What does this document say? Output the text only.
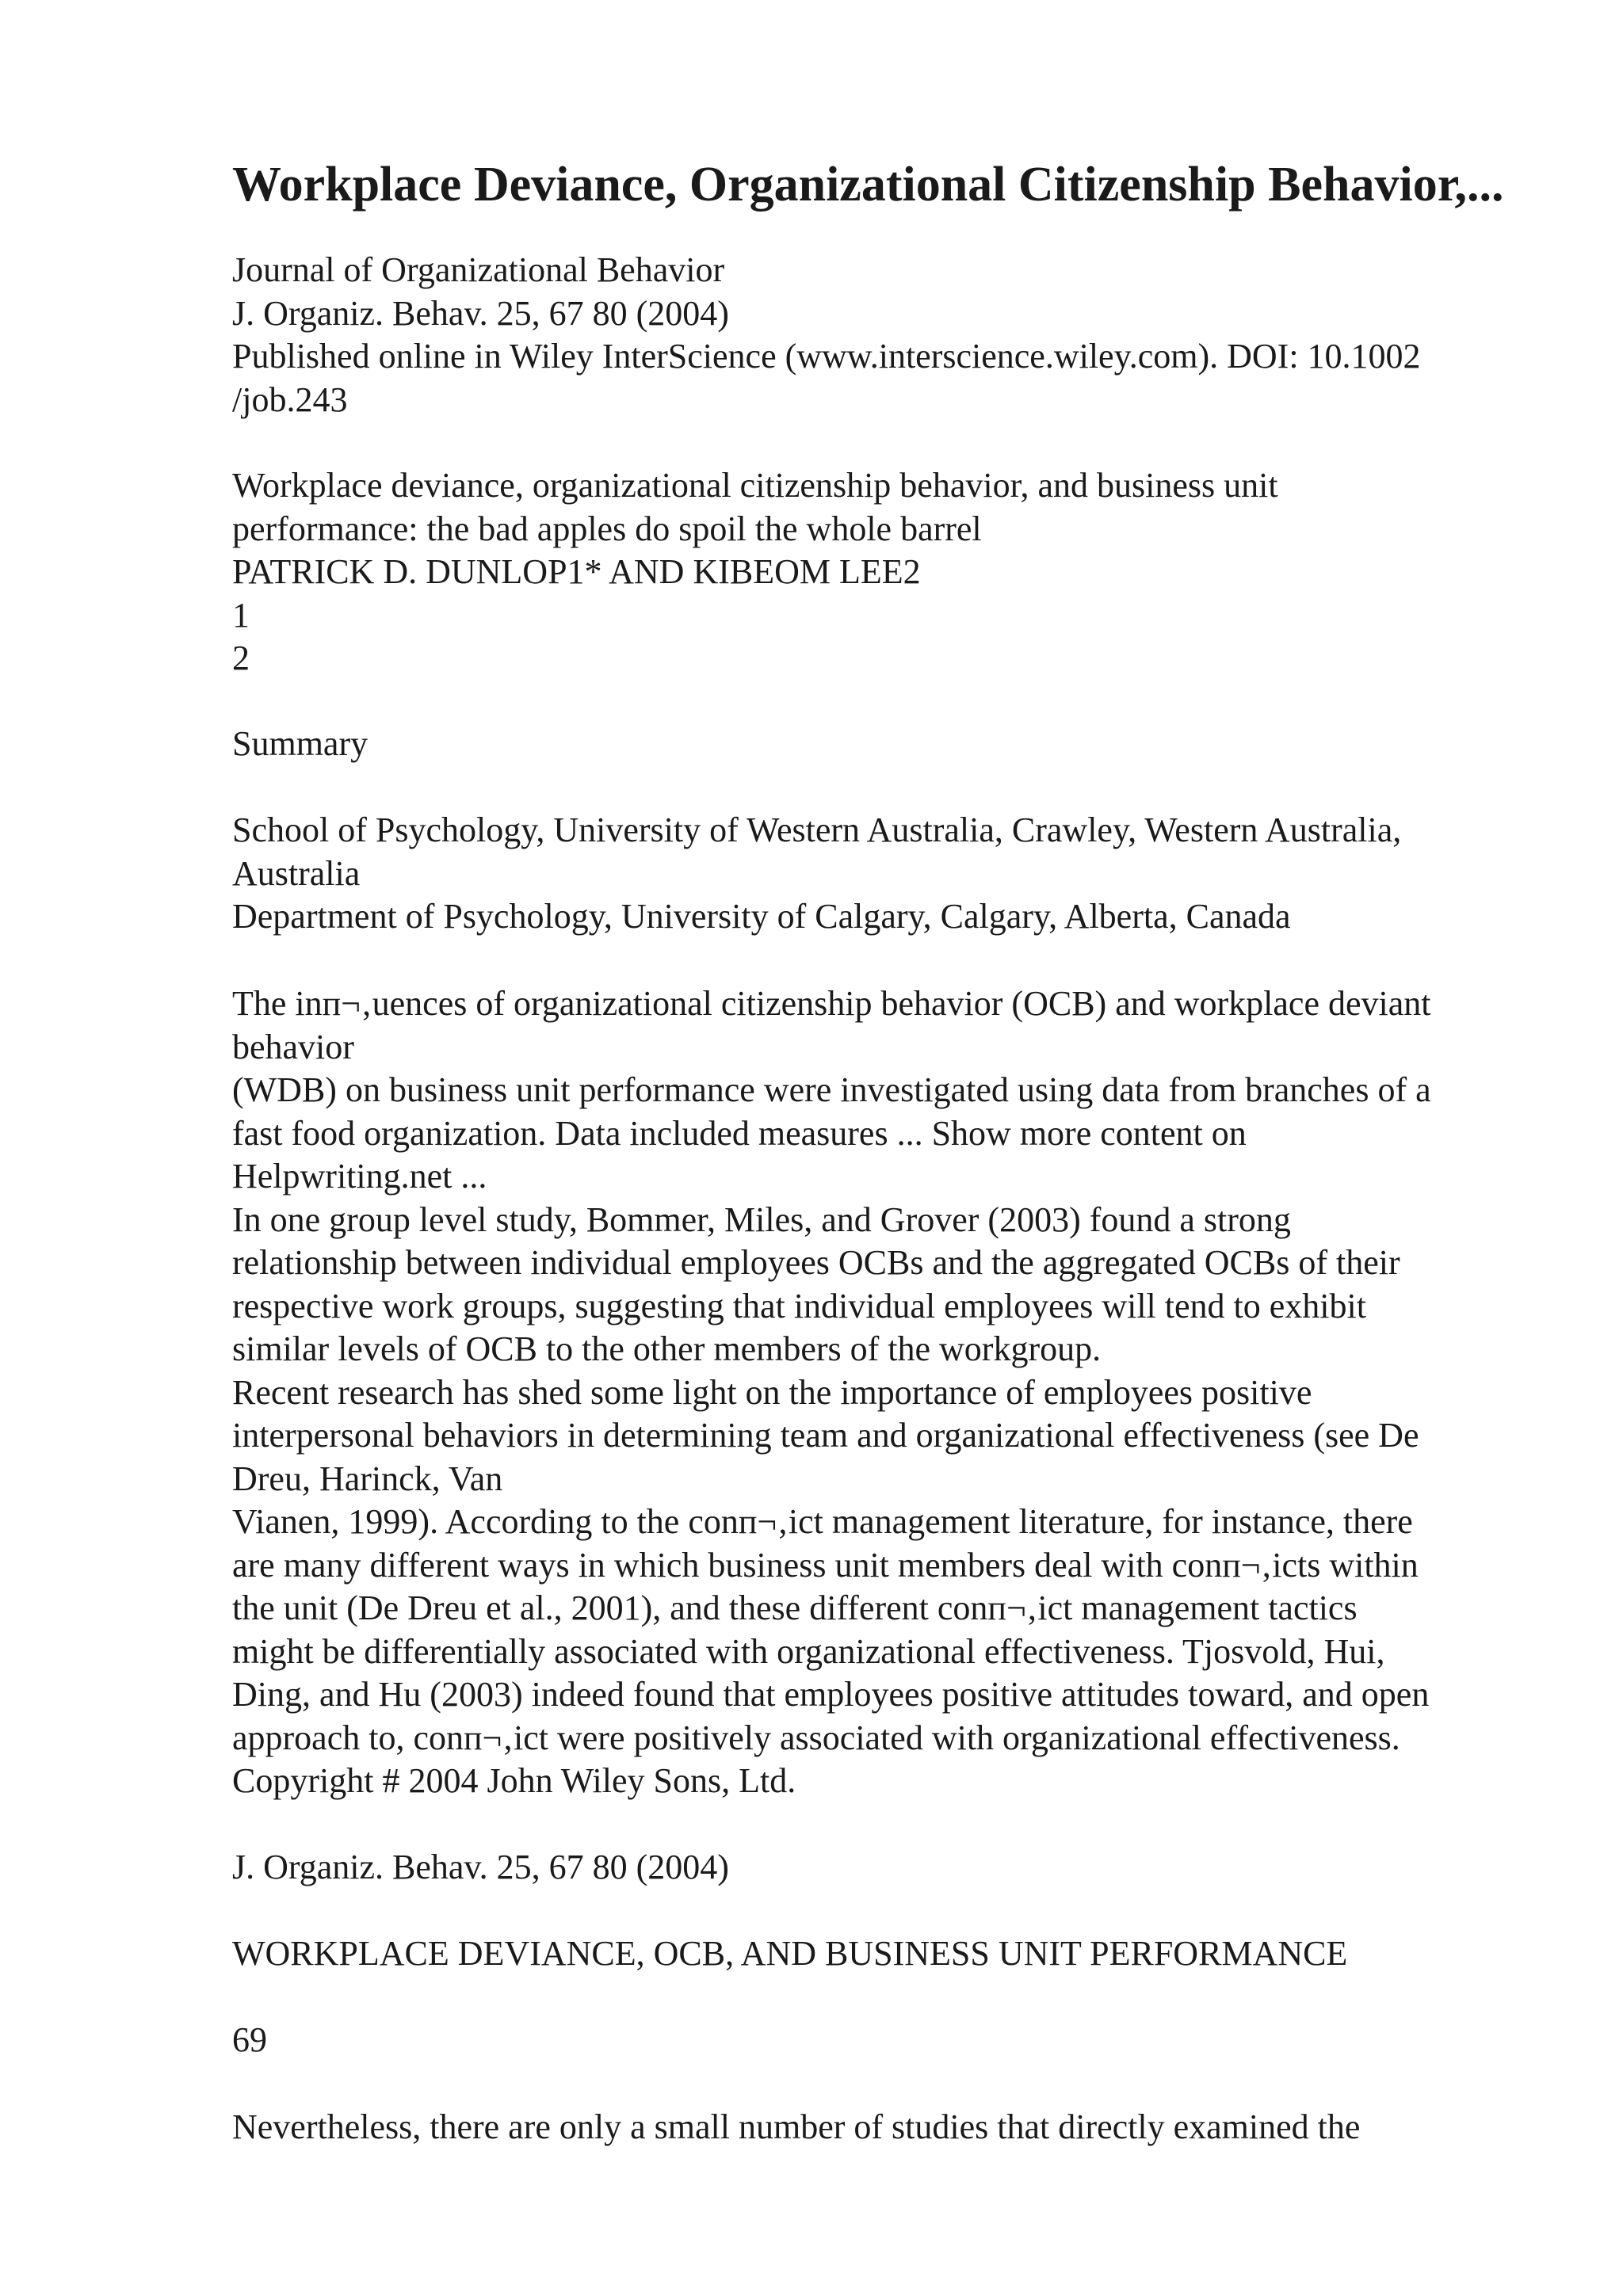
Workplace Deviance, Organizational Citizenship Behavior,...
Journal of Organizational Behavior
J. Organiz. Behav. 25, 67 80 (2004)
Published online in Wiley InterScience (www.interscience.wiley.com). DOI: 10.1002
/job.243
Workplace deviance, organizational citizenship behavior, and business unit
performance: the bad apples do spoil the whole barrel
PATRICK D. DUNLOP1* AND KIBEOM LEE2
1
2
Summary
School of Psychology, University of Western Australia, Crawley, Western Australia,
Australia
Department of Psychology, University of Calgary, Calgary, Alberta, Canada
The inп¬‚uences of organizational citizenship behavior (OCB) and workplace deviant
behavior
(WDB) on business unit performance were investigated using data from branches of a
fast food organization. Data included measures ... Show more content on
Helpwriting.net ...
In one group level study, Bommer, Miles, and Grover (2003) found a strong
relationship between individual employees OCBs and the aggregated OCBs of their
respective work groups, suggesting that individual employees will tend to exhibit
similar levels of OCB to the other members of the workgroup.
Recent research has shed some light on the importance of employees positive
interpersonal behaviors in determining team and organizational effectiveness (see De
Dreu, Harinck, Van
Vianen, 1999). According to the conп¬‚ict management literature, for instance, there
are many different ways in which business unit members deal with conп¬‚icts within
the unit (De Dreu et al., 2001), and these different conп¬‚ict management tactics
might be differentially associated with organizational effectiveness. Tjosvold, Hui,
Ding, and Hu (2003) indeed found that employees positive attitudes toward, and open
approach to, conп¬‚ict were positively associated with organizational effectiveness.
Copyright # 2004 John Wiley Sons, Ltd.
J. Organiz. Behav. 25, 67 80 (2004)
WORKPLACE DEVIANCE, OCB, AND BUSINESS UNIT PERFORMANCE
69
Nevertheless, there are only a small number of studies that directly examined the
